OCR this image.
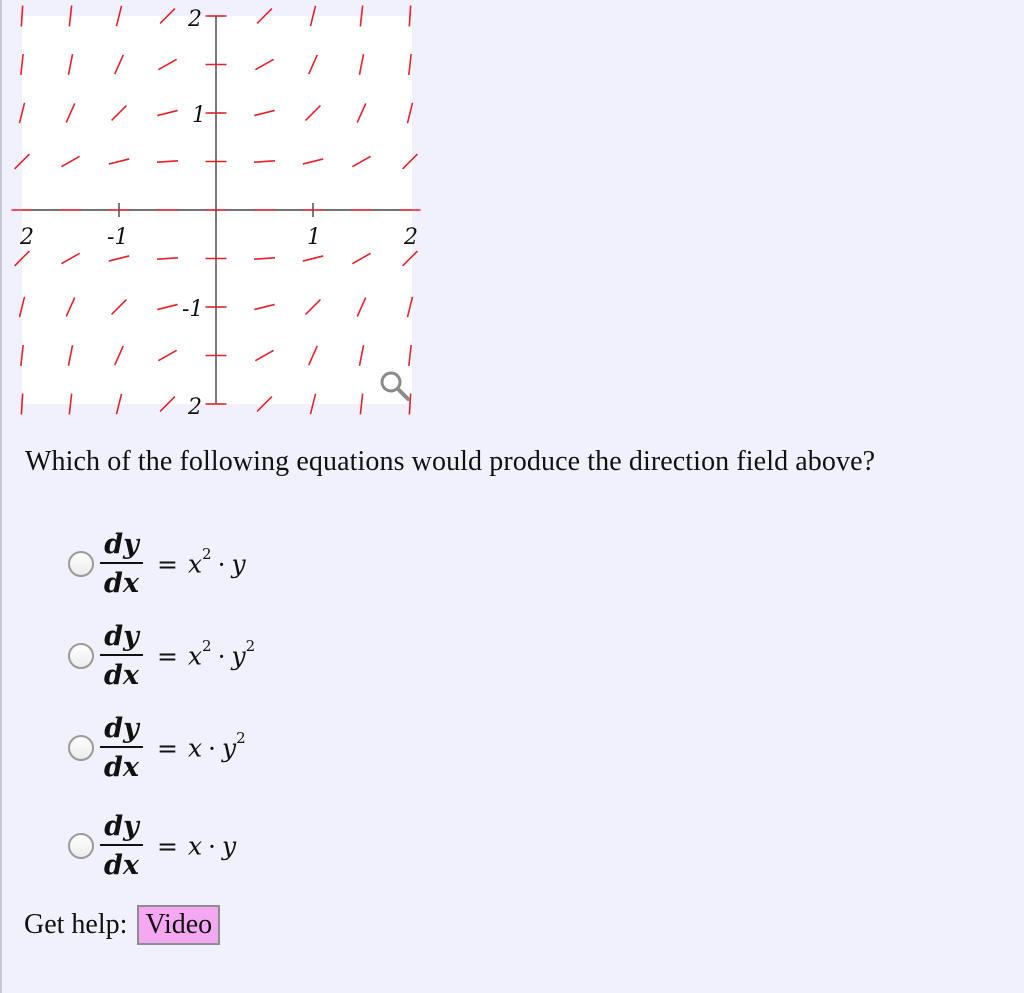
2	-1	1	2
2
1
-1
2
Which of the following equations would produce the direction field above?
$\frac{dy}{dx} = x^2 \cdot y$
$\frac{dy}{dx} = x^2 \cdot y^2$
$\frac{dy}{dx} = x \cdot y^2$
$\frac{dy}{dx} = x \cdot y$
Get help: Video
